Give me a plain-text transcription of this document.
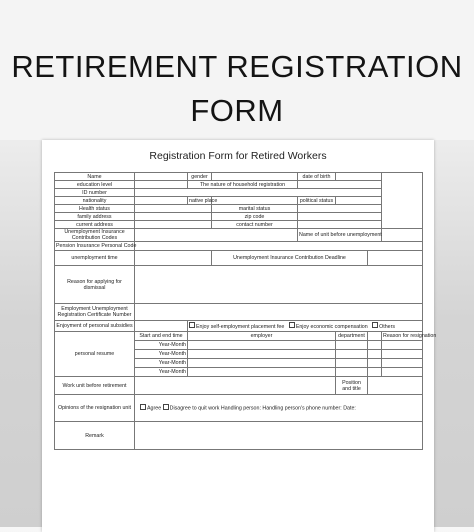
RETIREMENT REGISTRATION
FORM
Registration Form for Retired Workers
Name		gender		date of birth			
education level		The nature of household registration					
ID number							
nationality		native place		political status			
Health status			marital status				
family address			zip code				
current address			contact number				
Unemployment Insurance Contribution Codes				Name of unit before unemployment			
Pension Insurance Personal Code							
unemployment time			Unemployment Insurance Contribution Deadline				
Reason for applying for dismissal							
Employment Unemployment Registration Certificate Number							
Enjoyment of personal subsidies		Enjoy self-employment placement fee Enjoy economic compensation Others					
personal resume	Start and end time	employer			department		Reason for resignation
	Year-Month						
	Year-Month						
	Year-Month						
	Year-Month						
Work unit before retirement					Position and title		
Opinions of the resignation unit	Agree Disagree to quit work Handling person: Handling person's phone number: Date:						
Remark							
